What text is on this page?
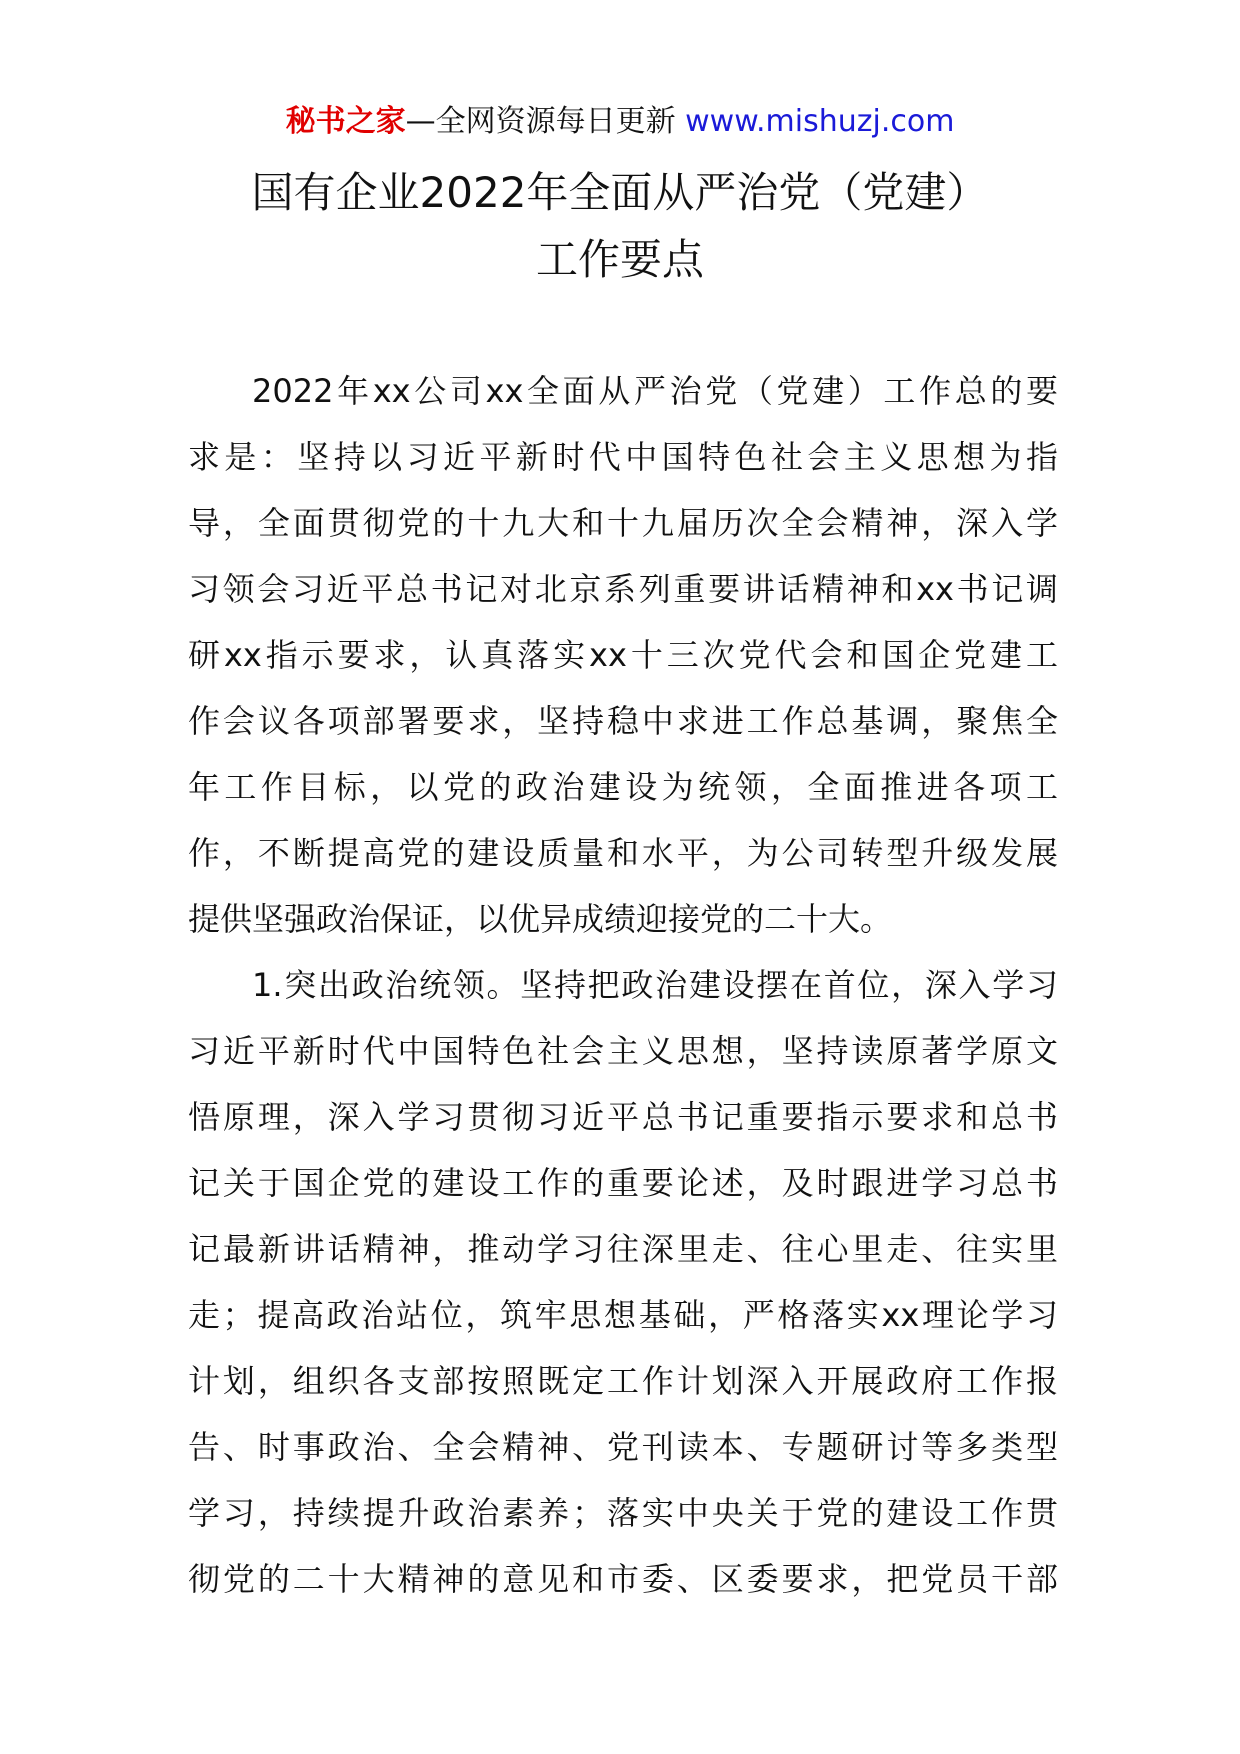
秘书之家—全网资源每日更新 www.mishuzj.com
国有企业2022年全面从严治党（党建）
工作要点
2022年xx公司xx全面从严治党（党建）工作总的要
求是：坚持以习近平新时代中国特色社会主义思想为指
导，全面贯彻党的十九大和十九届历次全会精神，深入学
习领会习近平总书记对北京系列重要讲话精神和xx书记调
研xx指示要求，认真落实xx十三次党代会和国企党建工
作会议各项部署要求，坚持稳中求进工作总基调，聚焦全
年工作目标，以党的政治建设为统领，全面推进各项工
作，不断提高党的建设质量和水平，为公司转型升级发展
提供坚强政治保证，以优异成绩迎接党的二十大。
1.突出政治统领。坚持把政治建设摆在首位，深入学习
习近平新时代中国特色社会主义思想，坚持读原著学原文
悟原理，深入学习贯彻习近平总书记重要指示要求和总书
记关于国企党的建设工作的重要论述，及时跟进学习总书
记最新讲话精神，推动学习往深里走、往心里走、往实里
走；提高政治站位，筑牢思想基础，严格落实xx理论学习
计划，组织各支部按照既定工作计划深入开展政府工作报
告、时事政治、全会精神、党刊读本、专题研讨等多类型
学习，持续提升政治素养；落实中央关于党的建设工作贯
彻党的二十大精神的意见和市委、区委要求，把党员干部
